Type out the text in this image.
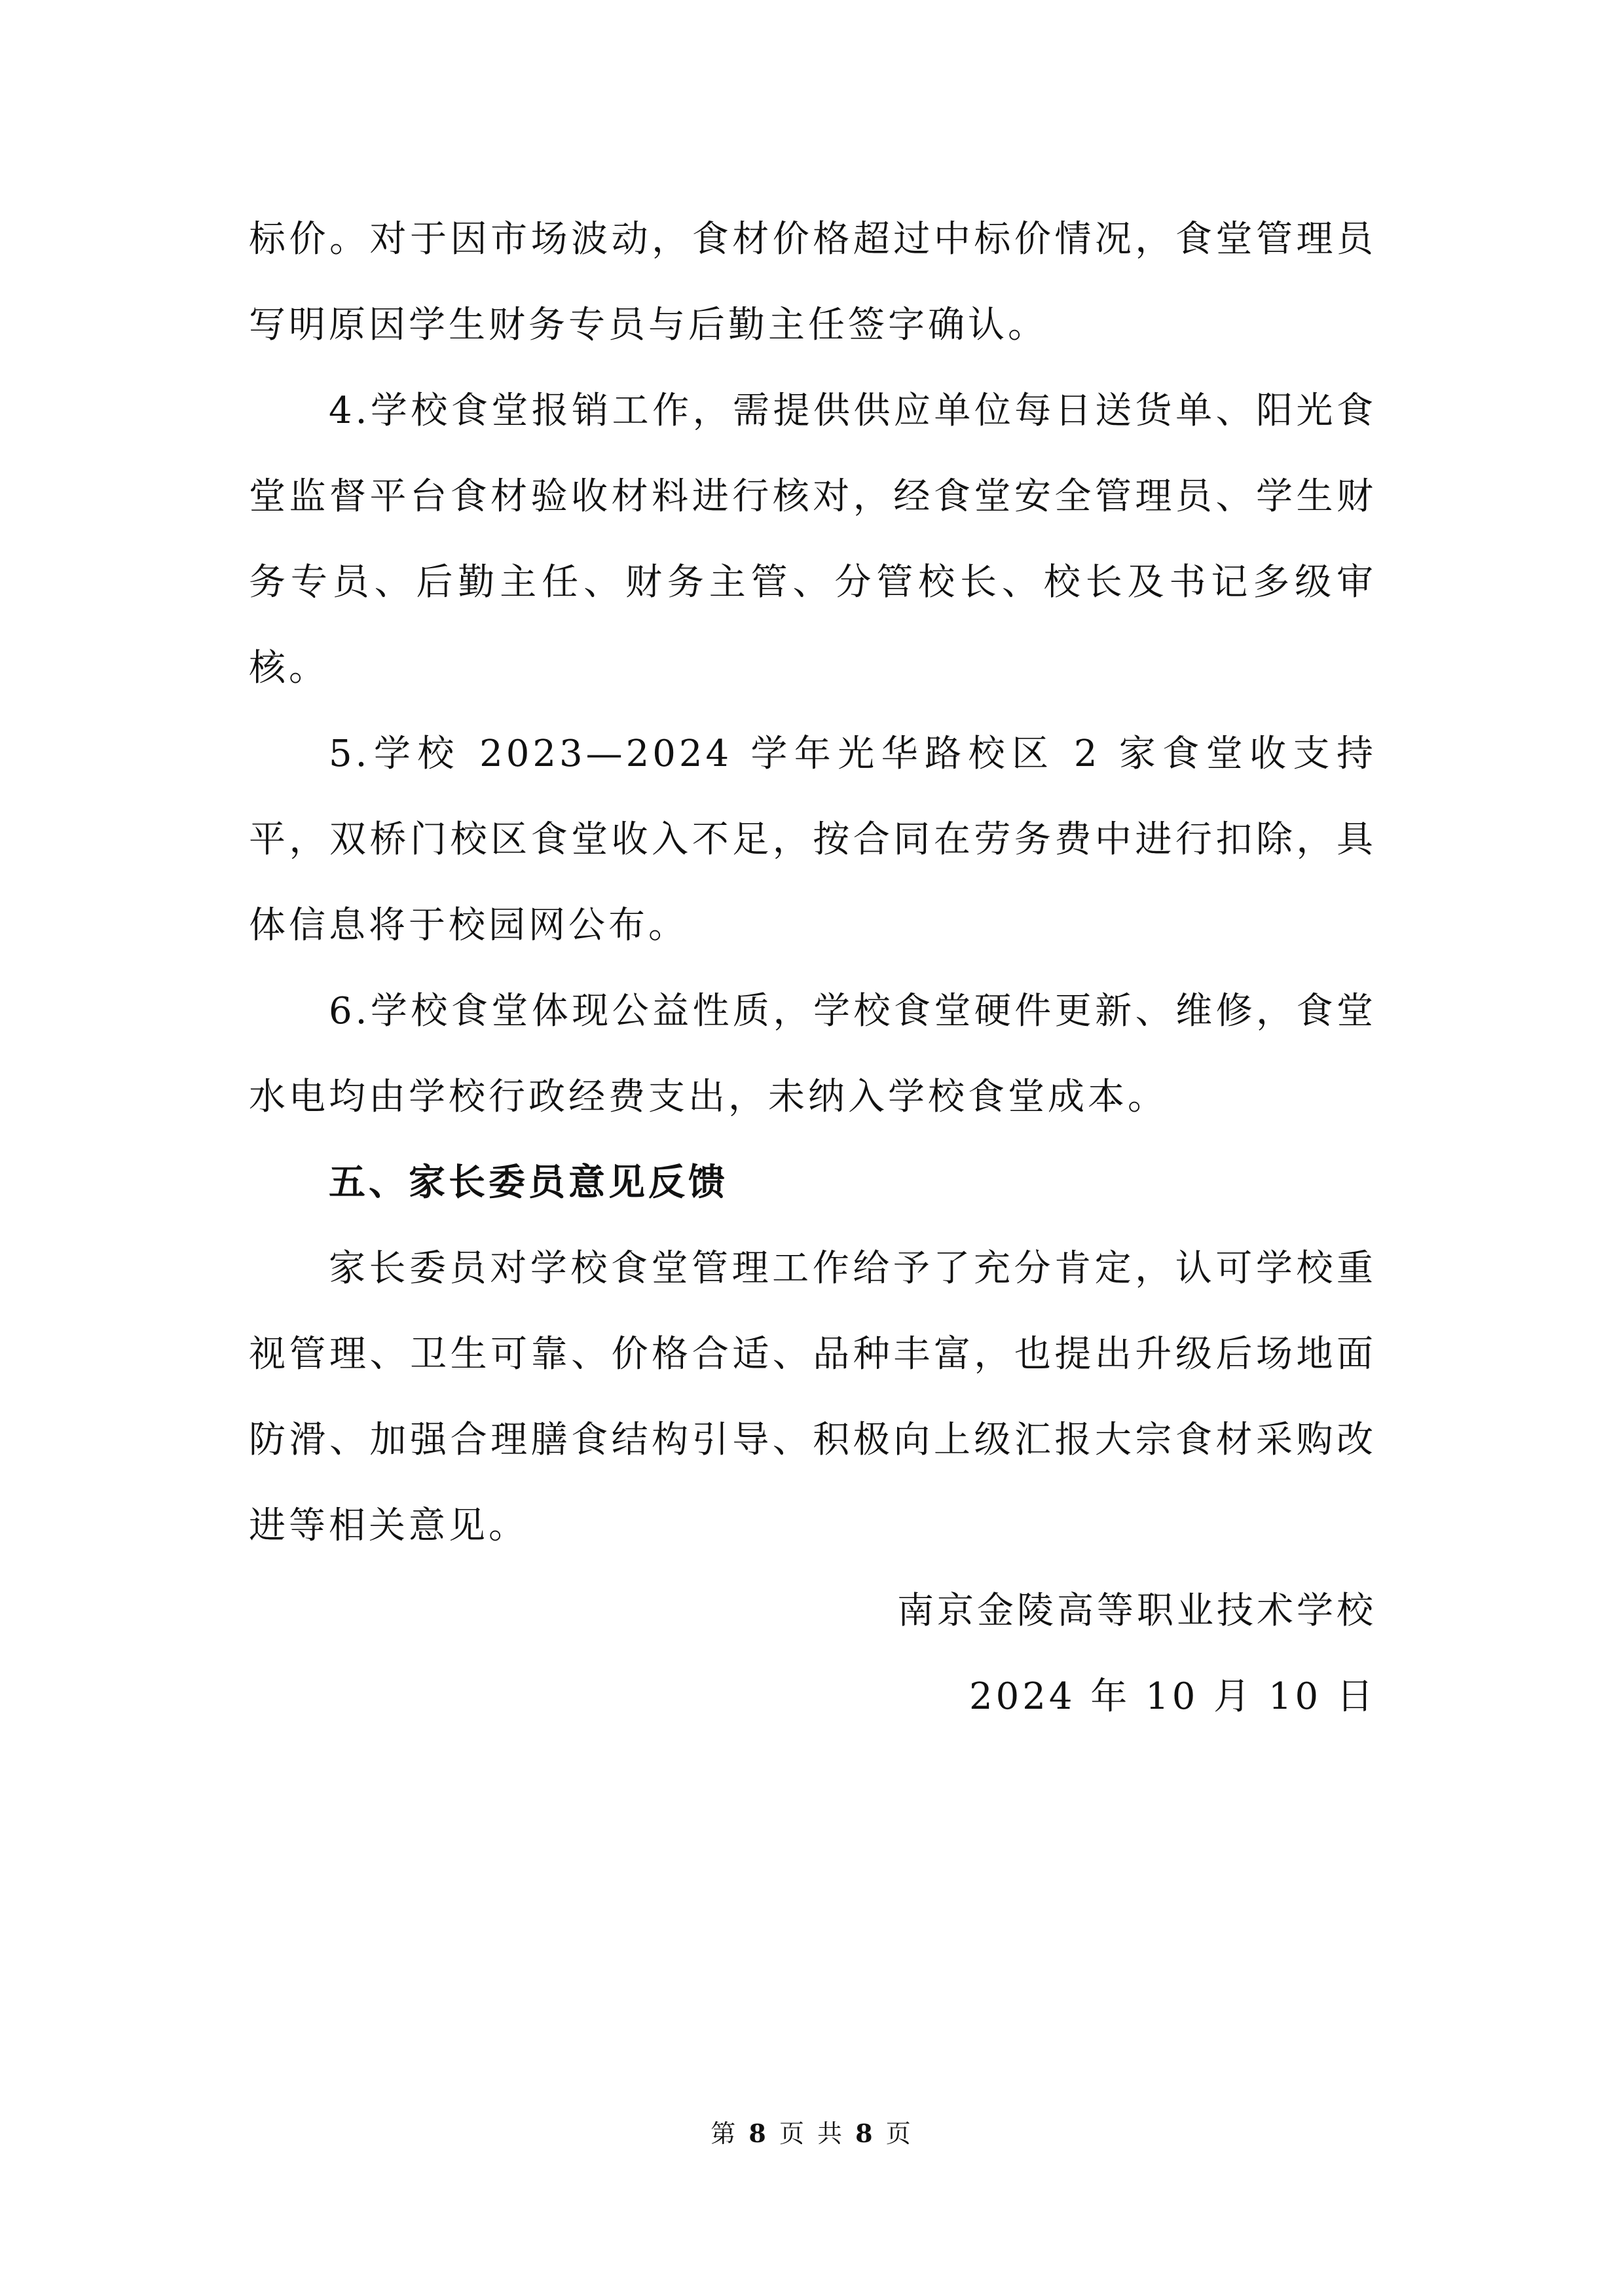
标价。对于因市场波动，食材价格超过中标价情况，食堂管理员写明原因学生财务专员与后勤主任签字确认。

4.学校食堂报销工作，需提供供应单位每日送货单、阳光食堂监督平台食材验收材料进行核对，经食堂安全管理员、学生财务专员、后勤主任、财务主管、分管校长、校长及书记多级审核。

5.学校 2023—2024 学年光华路校区 2 家食堂收支持平，双桥门校区食堂收入不足，按合同在劳务费中进行扣除，具体信息将于校园网公布。

6.学校食堂体现公益性质，学校食堂硬件更新、维修，食堂水电均由学校行政经费支出，未纳入学校食堂成本。

五、家长委员意见反馈

家长委员对学校食堂管理工作给予了充分肯定，认可学校重视管理、卫生可靠、价格合适、品种丰富，也提出升级后场地面防滑、加强合理膳食结构引导、积极向上级汇报大宗食材采购改进等相关意见。

南京金陵高等职业技术学校
2024 年 10 月 10 日
第 8 页 共 8 页
